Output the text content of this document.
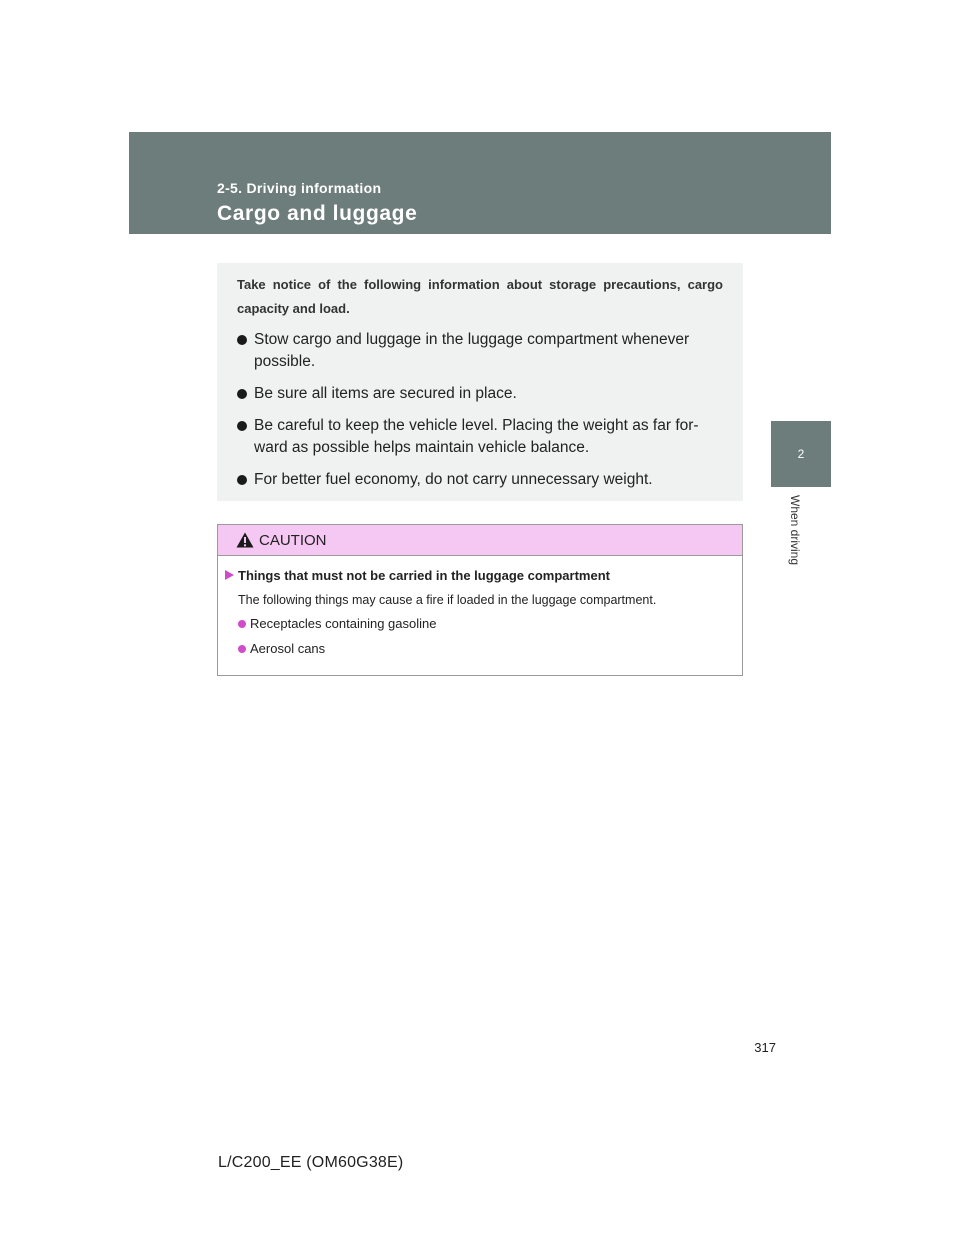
2-5. Driving information
Cargo and luggage
2
When driving

Take notice of the following information about storage precautions, cargo capacity and load.

Stow cargo and luggage in the luggage compartment whenever possible.
Be sure all items are secured in place.
Be careful to keep the vehicle level. Placing the weight as far for-ward as possible helps maintain vehicle balance.
For better fuel economy, do not carry unnecessary weight.
CAUTION
Things that must not be carried in the luggage compartment

The following things may cause a fire if loaded in the luggage compartment.

Receptacles containing gasoline
Aerosol cans
317
L/C200_EE (OM60G38E)
